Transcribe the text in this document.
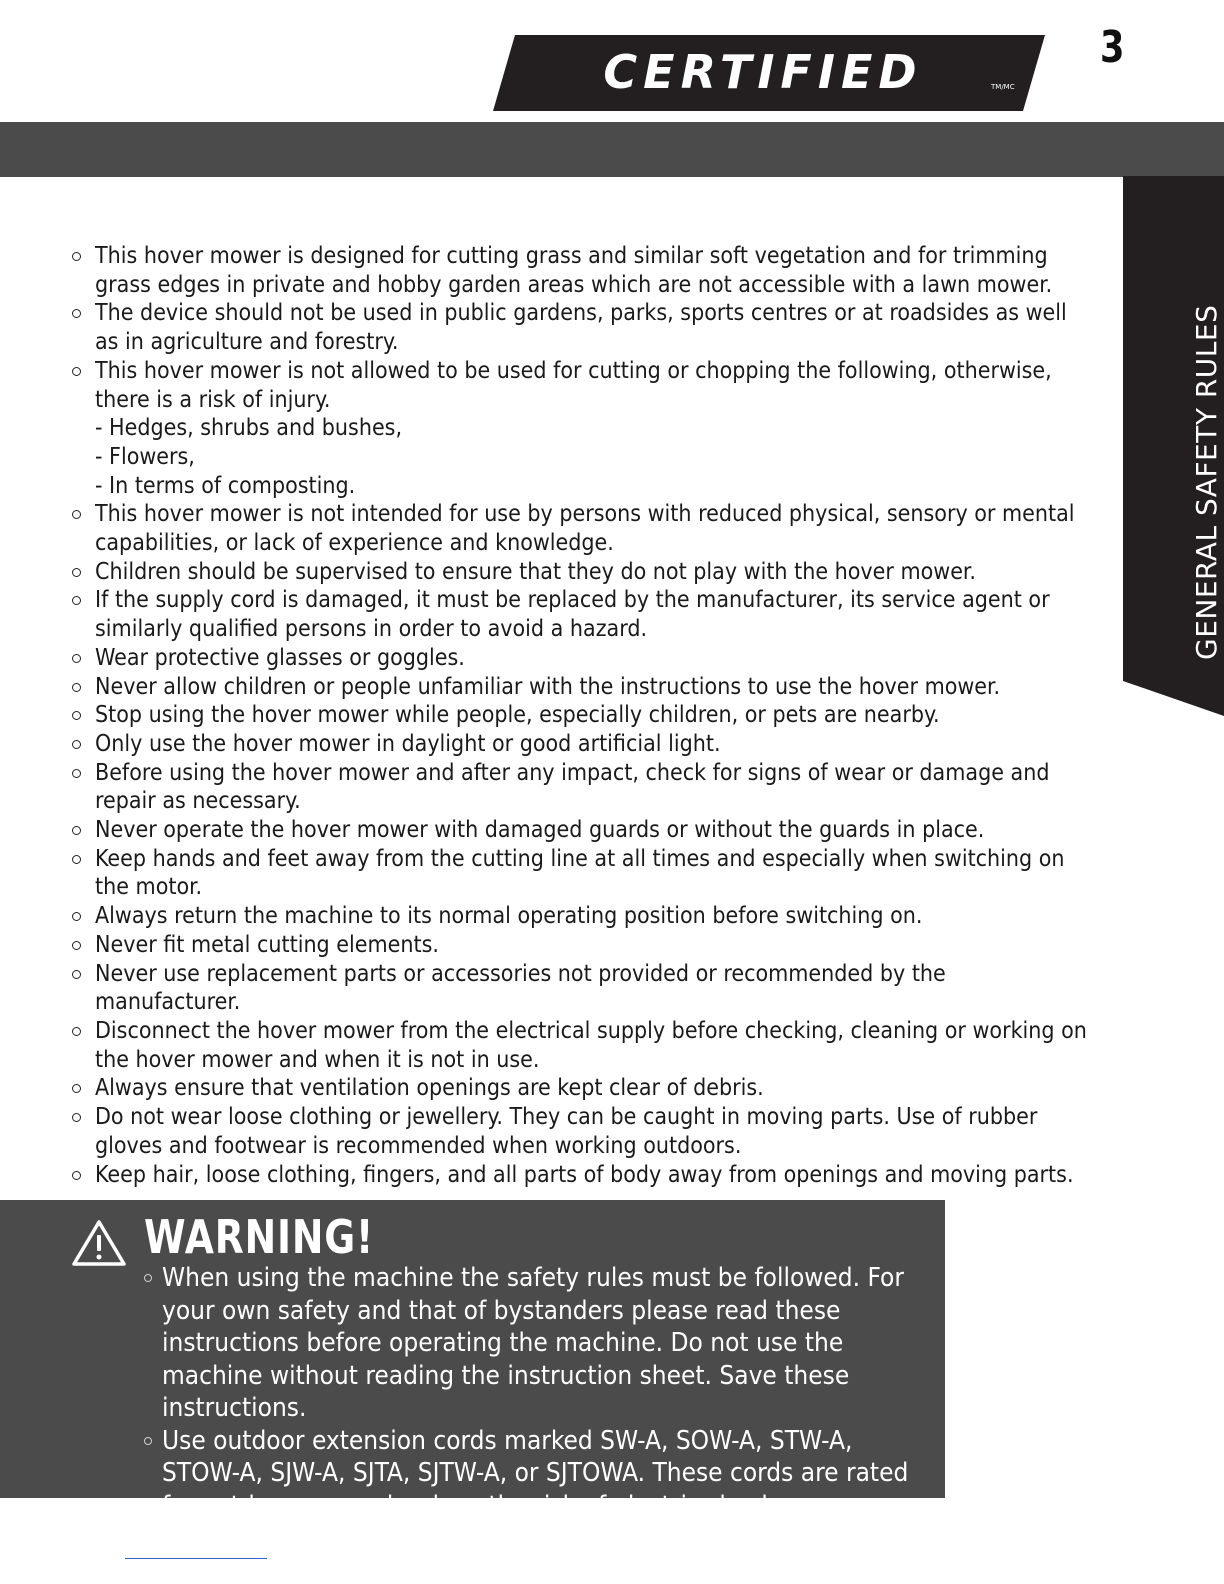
CERTIFIED	TM/MC
3
GENERAL SAFETY RULES
This hover mower is designed for cutting grass and similar soft vegetation and for trimming grass edges in private and hobby garden areas which are not accessible with a lawn mower.
The device should not be used in public gardens, parks, sports centres or at roadsides as well as in agriculture and forestry.
This hover mower is not allowed to be used for cutting or chopping the following, otherwise, there is a risk of injury.
- Hedges, shrubs and bushes,
- Flowers,
- In terms of composting.
This hover mower is not intended for use by persons with reduced physical, sensory or mental capabilities, or lack of experience and knowledge.
Children should be supervised to ensure that they do not play with the hover mower.
If the supply cord is damaged, it must be replaced by the manufacturer, its service agent or similarly qualified persons in order to avoid a hazard.
Wear protective glasses or goggles.
Never allow children or people unfamiliar with the instructions to use the hover mower.
Stop using the hover mower while people, especially children, or pets are nearby.
Only use the hover mower in daylight or good artificial light.
Before using the hover mower and after any impact, check for signs of wear or damage and repair as necessary.
Never operate the hover mower with damaged guards or without the guards in place.
Keep hands and feet away from the cutting line at all times and especially when switching on the motor.
Always return the machine to its normal operating position before switching on.
Never fit metal cutting elements.
Never use replacement parts or accessories not provided or recommended by the manufacturer.
Disconnect the hover mower from the electrical supply before checking, cleaning or working on the hover mower and when it is not in use.
Always ensure that ventilation openings are kept clear of debris.
Do not wear loose clothing or jewellery. They can be caught in moving parts. Use of rubber gloves and footwear is recommended when working outdoors.
Keep hair, loose clothing, fingers, and all parts of body away from openings and moving parts.
WARNING!
When using the machine the safety rules must be followed. For your own safety and that of bystanders please read these instructions before operating the machine. Do not use the machine without reading the instruction sheet. Save these instructions.
Use outdoor extension cords marked SW-A, SOW-A, STW-A, STOW-A, SJW-A, SJTA, SJTW-A, or SJTOWA. These cords are rated for outdoor use and reduce the risk of electric shocks.
